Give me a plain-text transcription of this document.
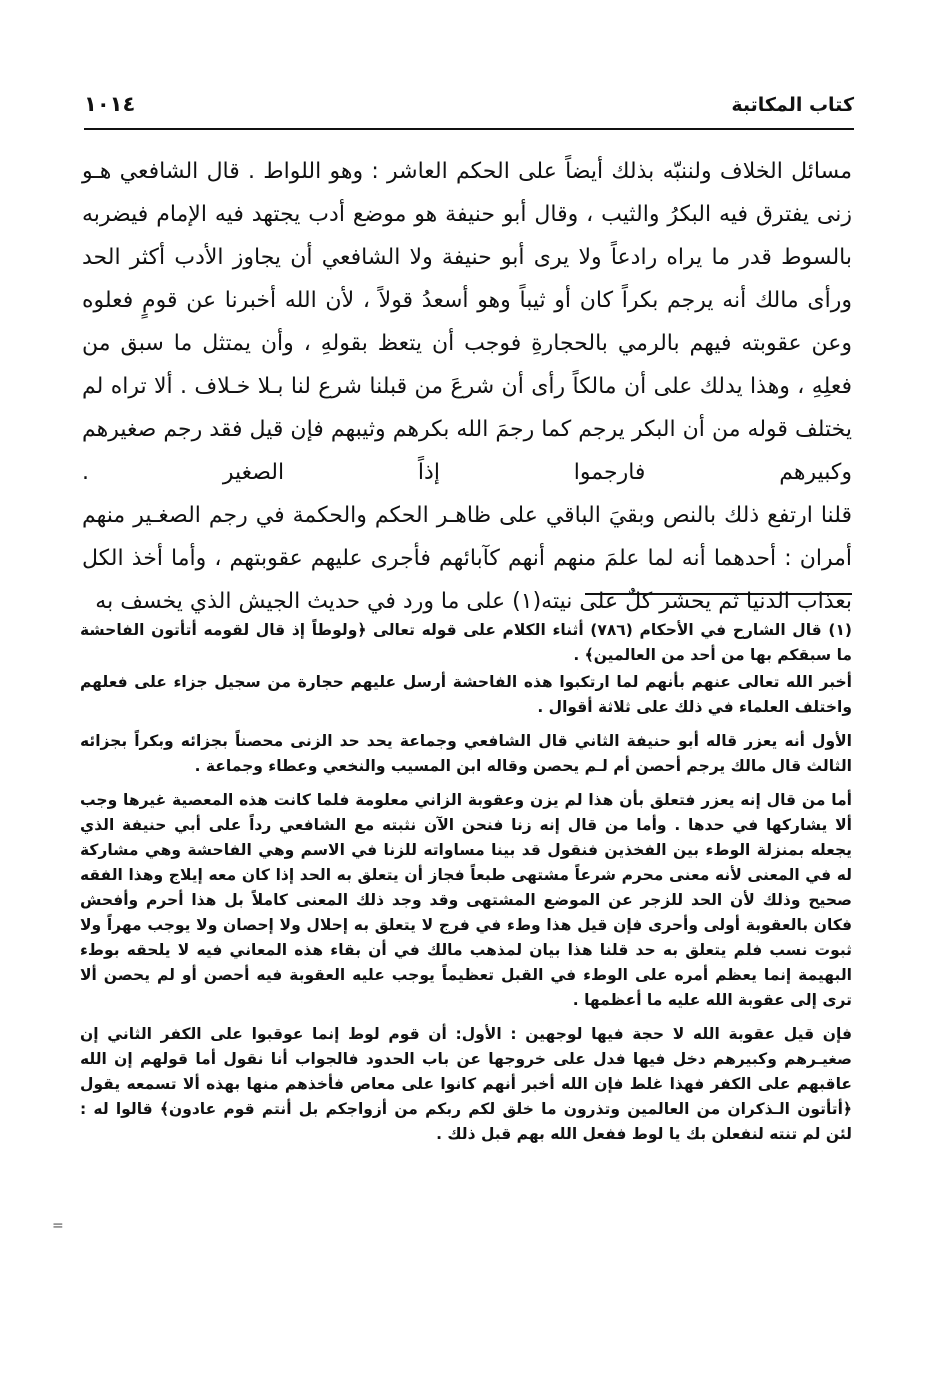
كتاب المكاتبة
١٠١٤

مسائل الخلاف ولننبّه بذلك أيضاً على الحكم العاشر : وهو اللواط . قال الشافعي هـو زنى يفترق فيه البكرُ والثيب ، وقال أبو حنيفة هو موضع أدب يجتهد فيه الإمام فيضربه بالسوط قدر ما يراه رادعاً ولا يرى أبو حنيفة ولا الشافعي أن يجاوز الأدب أكثر الحد ورأى مالك أنه يرجم بكراً كان أو ثيباً وهو أسعدُ قولاً ، لأن الله أخبرنا عن قومٍ فعلوه وعن عقوبته فيهم بالرمي بالحجارةِ فوجب أن يتعظ بقولهِ ، وأن يمتثل ما سبق من فعلِهِ ، وهذا يدلك على أن مالكاً رأى أن شرعَ من قبلنا شرع لنا بـلا خـلاف . ألا تراه لم يختلف قوله من أن البكر يرجم كما رجمَ الله بكرهم وثيبهم فإن قيل فقد رجم صغيرهم وكبيرهم فارجموا إذاً الصغير .

قلنا ارتفع ذلك بالنص وبقيَ الباقي على ظاهـر الحكم والحكمة في رجم الصغـير منهم أمران : أحدهما أنه لما علمَ منهم أنهم كآبائهم فأجرى عليهم عقوبتهم ، وأما أخذ الكل بعذاب الدنيا ثم يحشر كلٌ على نيته(١) على ما ورد في حديث الجيش الذي يخسف به

(١) قال الشارح في الأحكام (٧٨٦) أثناء الكلام على قوله تعالى ﴿ولوطاً إذ قال لقومه أتأتون الفاحشة ما سبقكم بها من أحد من العالمين﴾ .

أخبر الله تعالى عنهم بأنهم لما ارتكبوا هذه الفاحشة أرسل عليهم حجارة من سجيل جزاء على فعلهم واختلف العلماء في ذلك على ثلاثة أقوال .

الأول أنه يعزر قاله أبو حنيفة الثاني قال الشافعي وجماعة يحد حد الزنى محصناً بجزائه وبكراً بجزائه الثالث قال مالك يرجم أحصن أم لـم يحصن وقاله ابن المسيب والنخعي وعطاء وجماعة .

أما من قال إنه يعزر فتعلق بأن هذا لم يزن وعقوبة الزاني معلومة فلما كانت هذه المعصية غيرها وجب ألا يشاركها في حدها . وأما من قال إنه زنا فنحن الآن نثبته مع الشافعي رداً على أبي حنيفة الذي يجعله بمنزلة الوطء بين الفخذين فنقول قد بينا مساواته للزنا في الاسم وهي الفاحشة وهي مشاركة له في المعنى لأنه معنى محرم شرعاً مشتهى طبعاً فجاز أن يتعلق به الحد إذا كان معه إيلاج وهذا الفقه صحيح وذلك لأن الحد للزجر عن الموضع المشتهى وقد وجد ذلك المعنى كاملاً بل هذا أحرم وأفحش فكان بالعقوبة أولى وأحرى فإن قيل هذا وطء في فرج لا يتعلق به إحلال ولا إحصان ولا يوجب مهراً ولا ثبوت نسب فلم يتعلق به حد قلنا هذا بيان لمذهب مالك في أن بقاء هذه المعاني فيه لا يلحقه بوطء البهيمة إنما يعظم أمره على الوطء في القبل تعظيماً يوجب عليه العقوبة فيه أحصن أو لم يحصن ألا ترى إلى عقوبة الله عليه ما أعظمها .

فإن قيل عقوبة الله لا حجة فيها لوجهين : الأول: أن قوم لوط إنما عوقبوا على الكفر الثاني إن صغيـرهم وكبيرهم دخل فيها فدل على خروجها عن باب الحدود فالجواب أنا نقول أما قولهم إن الله عاقبهم على الكفر فهذا غلط فإن الله أخبر أنهم كانوا على معاص فأخذهم منها بهذه ألا تسمعه يقول ﴿أتأتون الـذكران من العالمين وتذرون ما خلق لكم ربكم من أزواجكم بل أنتم قوم عادون﴾ قالوا له : لئن لم تنته لنفعلن بك يا لوط ففعل الله بهم قبل ذلك .

=
